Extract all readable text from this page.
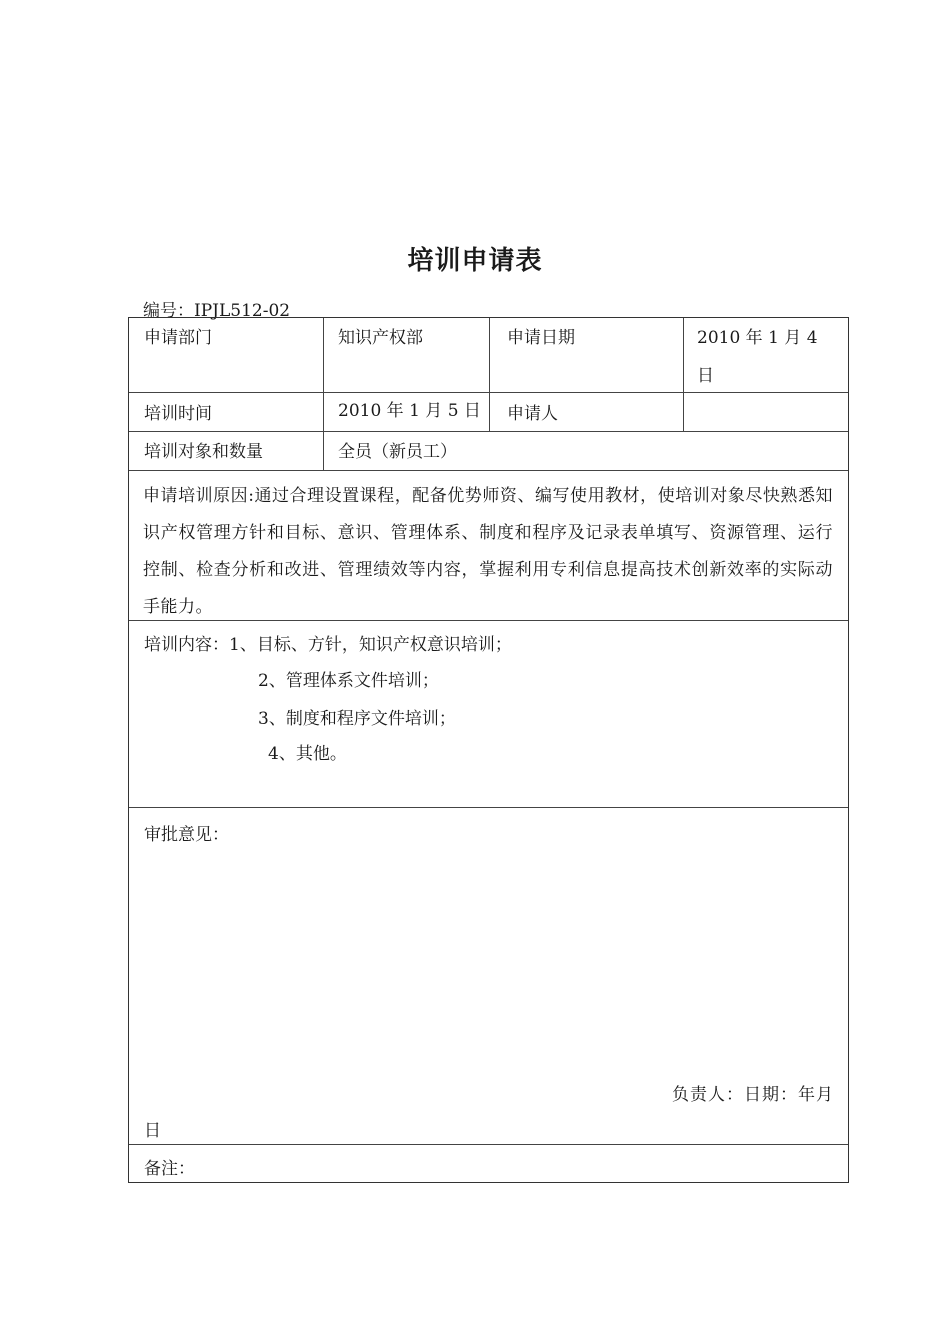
培训申请表
编号：IPJL512-02
申请部门	知识产权部	申请日期	2010 年 1 月 4
日
培训时间	2010 年 1 月 5 日 申请人
培训对象和数量	全员（新员工）
申请培训原因:通过合理设置课程，配备优势师资、编写使用教材，使培训对象尽快熟悉知识产权管理方针和目标、意识、管理体系、制度和程序及记录表单填写、资源管理、运行控制、检查分析和改进、管理绩效等内容，掌握利用专利信息提高技术创新效率的实际动手能力。
培训内容：1、目标、方针，知识产权意识培训；
2、管理体系文件培训；
3、制度和程序文件培训；
4、其他。
审批意见：
负责人：日期：年月
日
备注：
